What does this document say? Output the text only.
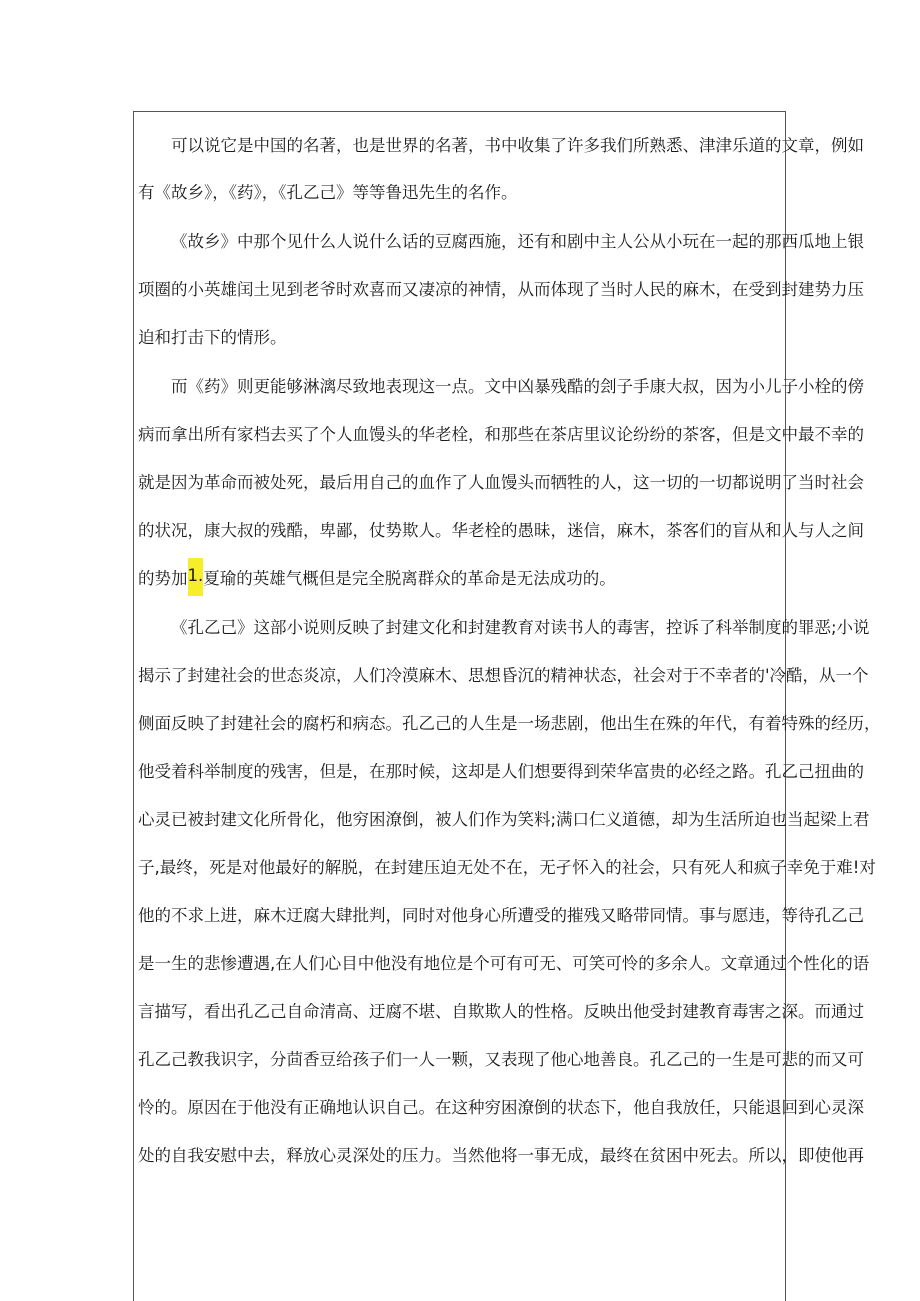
可以说它是中国的名著，也是世界的名著，书中收集了许多我们所熟悉、津津乐道的文章，例如
有《故乡》，《药》，《孔乙己》等等鲁迅先生的名作。
《故乡》中那个见什么人说什么话的豆腐西施，还有和剧中主人公从小玩在一起的那西瓜地上银
项圈的小英雄闰土见到老爷时欢喜而又凄凉的神情，从而体现了当时人民的麻木，在受到封建势力压
迫和打击下的情形。
而《药》则更能够淋漓尽致地表现这一点。文中凶暴残酷的刽子手康大叔，因为小儿子小栓的傍
病而拿出所有家档去买了个人血馒头的华老栓，和那些在茶店里议论纷纷的茶客，但是文中最不幸的
就是因为革命而被处死，最后用自己的血作了人血馒头而牺牲的人，这一切的一切都说明了当时社会
的状况，康大叔的残酷，卑鄙，仗势欺人。华老栓的愚昧，迷信，麻木，茶客们的盲从和人与人之间
的势加1.夏瑜的英雄气概但是完全脱离群众的革命是无法成功的。
《孔乙己》这部小说则反映了封建文化和封建教育对读书人的毒害，控诉了科举制度的罪恶;小说
揭示了封建社会的世态炎凉，人们冷漠麻木、思想昏沉的精神状态，社会对于不幸者的'冷酷，从一个
侧面反映了封建社会的腐朽和病态。孔乙己的人生是一场悲剧，他出生在殊的年代，有着特殊的经历，
他受着科举制度的残害，但是，在那时候，这却是人们想要得到荣华富贵的必经之路。孔乙己扭曲的
心灵已被封建文化所骨化，他穷困潦倒，被人们作为笑料;满口仁义道德，却为生活所迫也当起梁上君
子,最终，死是对他最好的解脱，在封建压迫无处不在，无孑怀入的社会，只有死人和疯子幸免于难!对
他的不求上进，麻木迂腐大肆批判，同时对他身心所遭受的摧残又略带同情。事与愿违，等待孔乙己
是一生的悲惨遭遇,在人们心目中他没有地位是个可有可无、可笑可怜的多余人。文章通过个性化的语
言描写，看出孔乙己自命清高、迂腐不堪、自欺欺人的性格。反映出他受封建教育毒害之深。而通过
孔乙己教我识字，分茴香豆给孩子们一人一颗，又表现了他心地善良。孔乙己的一生是可悲的而又可
怜的。原因在于他没有正确地认识自己。在这种穷困潦倒的状态下，他自我放任，只能退回到心灵深
处的自我安慰中去，释放心灵深处的压力。当然他将一事无成，最终在贫困中死去。所以，即使他再
